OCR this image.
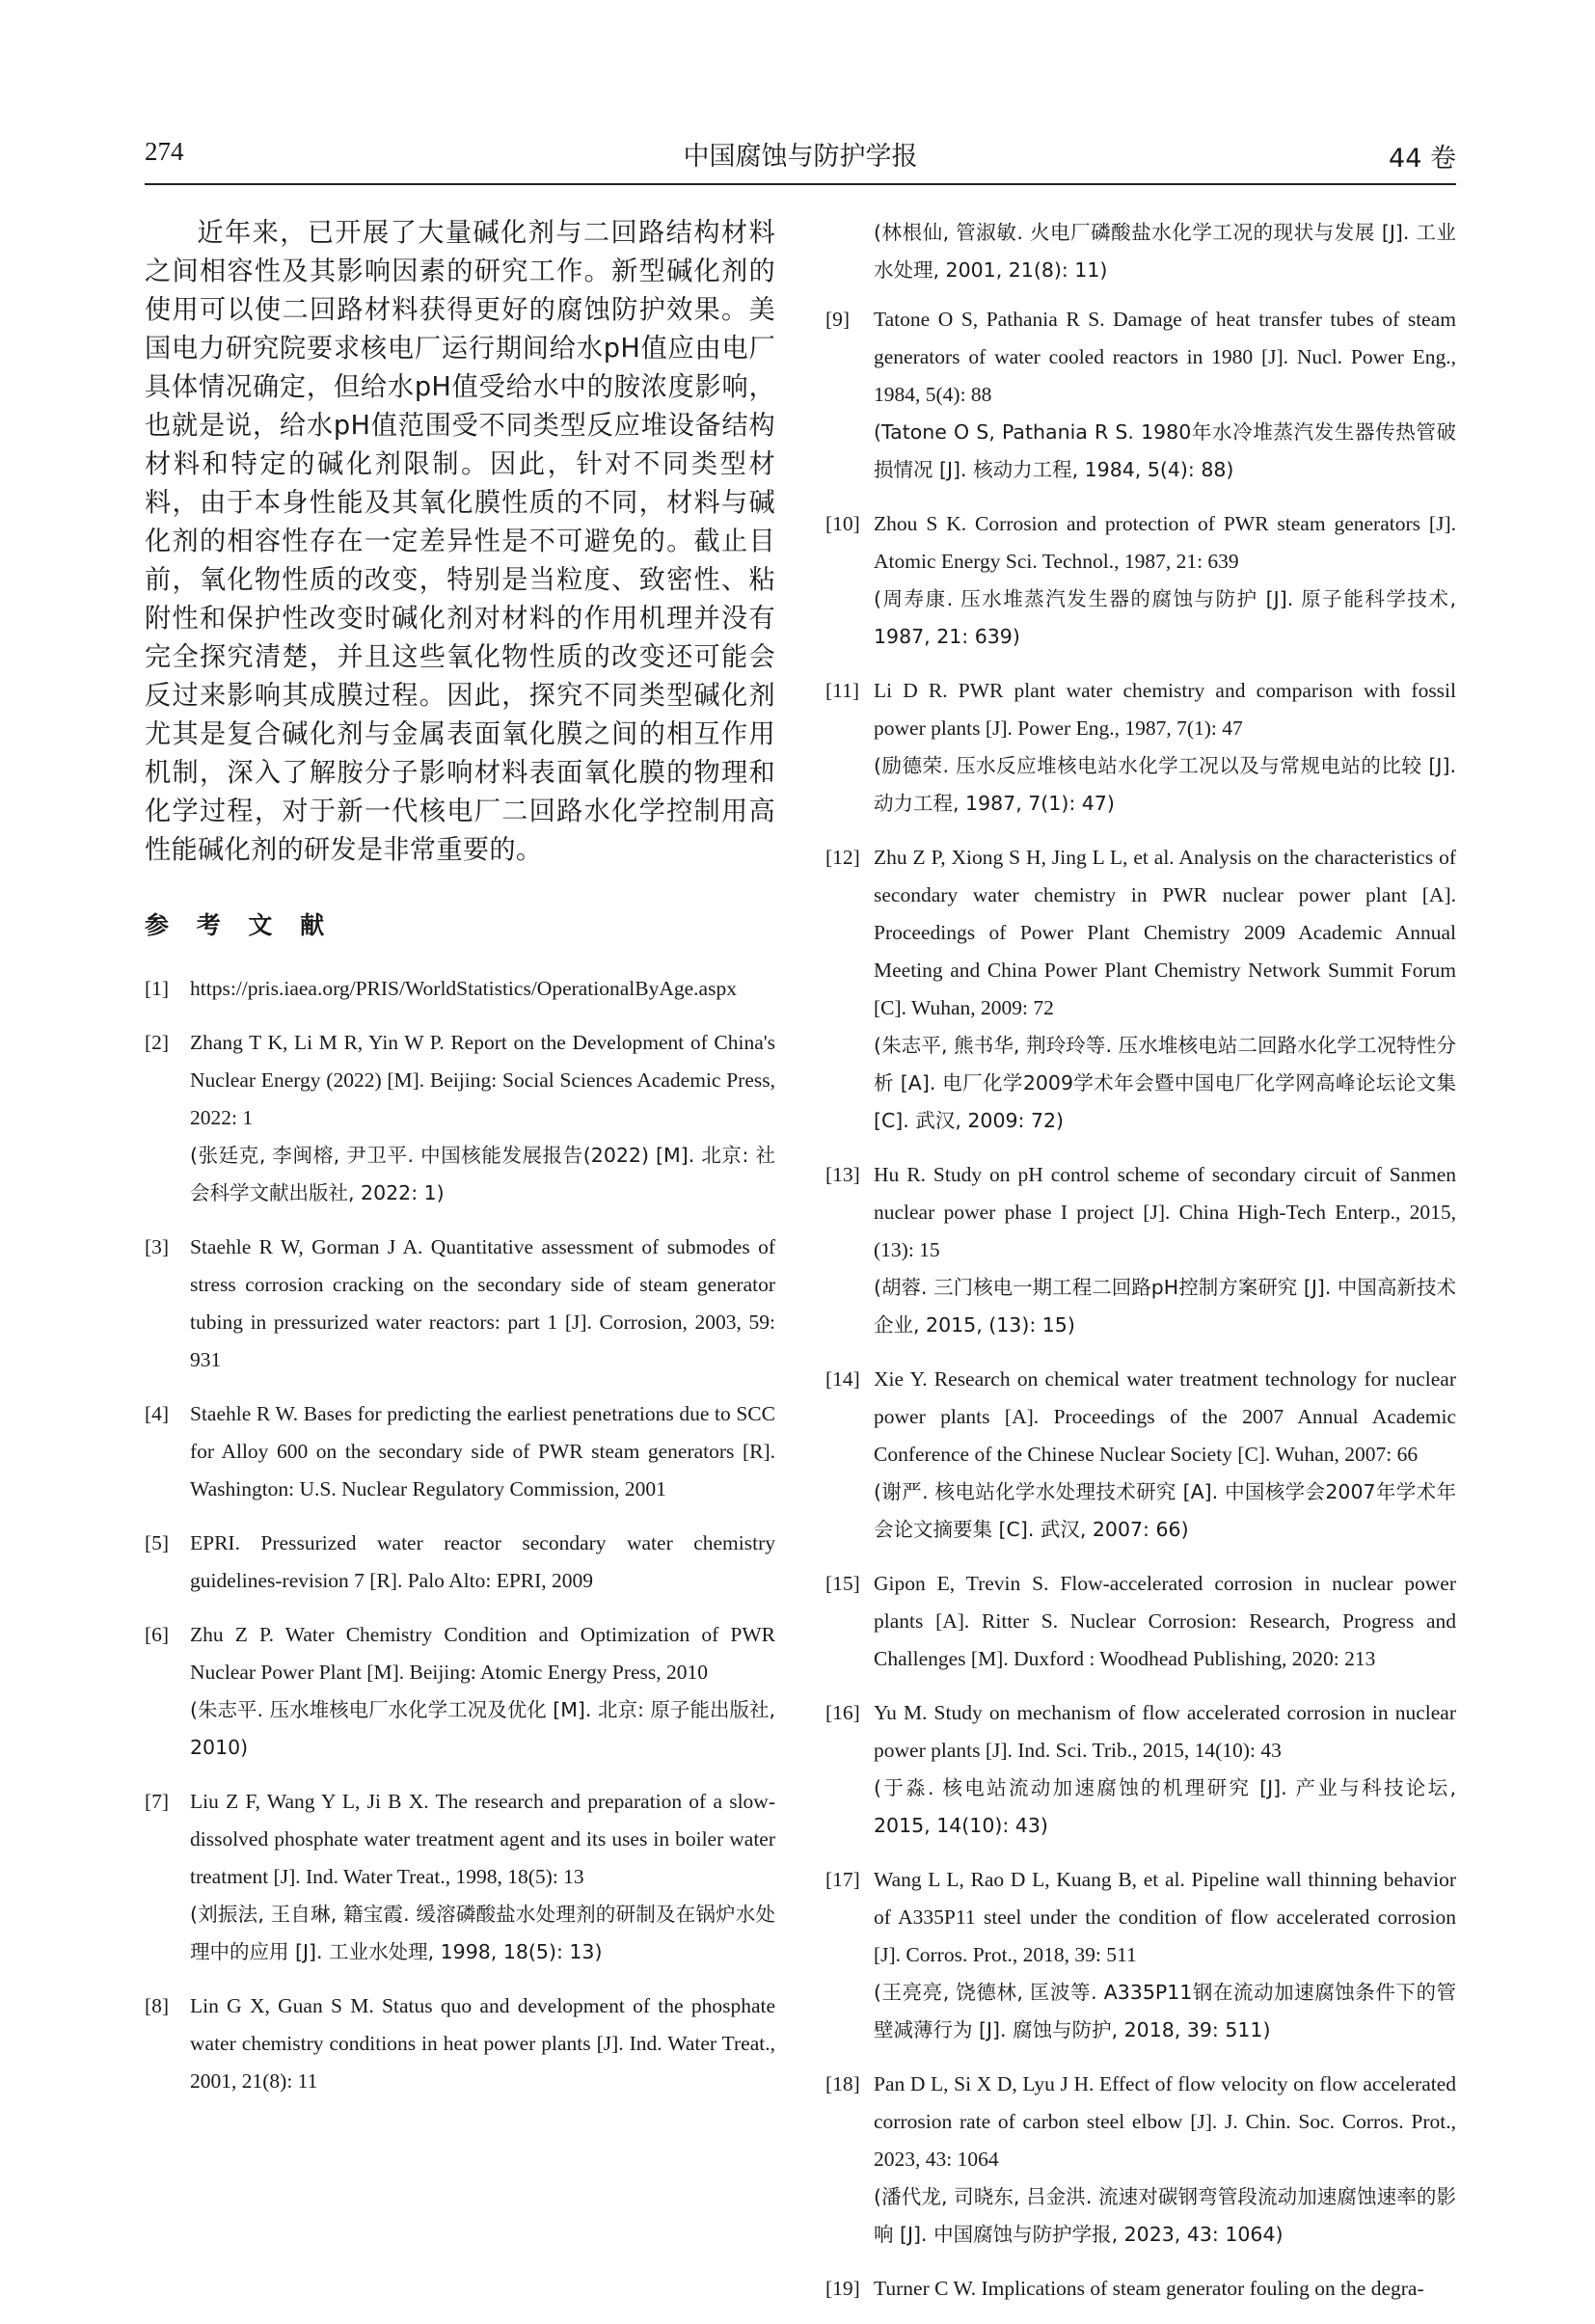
274	中国腐蚀与防护学报	44 卷

近年来，已开展了大量碱化剂与二回路结构材料之间相容性及其影响因素的研究工作。新型碱化剂的使用可以使二回路材料获得更好的腐蚀防护效果。美国电力研究院要求核电厂运行期间给水pH值应由电厂具体情况确定，但给水pH值受给水中的胺浓度影响，也就是说，给水pH值范围受不同类型反应堆设备结构材料和特定的碱化剂限制。因此，针对不同类型材料，由于本身性能及其氧化膜性质的不同，材料与碱化剂的相容性存在一定差异性是不可避免的。截止目前，氧化物性质的改变，特别是当粒度、致密性、粘附性和保护性改变时碱化剂对材料的作用机理并没有完全探究清楚，并且这些氧化物性质的改变还可能会反过来影响其成膜过程。因此，探究不同类型碱化剂尤其是复合碱化剂与金属表面氧化膜之间的相互作用机制，深入了解胺分子影响材料表面氧化膜的物理和化学过程，对于新一代核电厂二回路水化学控制用高性能碱化剂的研发是非常重要的。

参 考 文 献
[1] https://pris.iaea.org/PRIS/WorldStatistics/OperationalByAge.aspx
[2] Zhang T K, Li M R, Yin W P. Report on the Development of China's Nuclear Energy (2022) [M]. Beijing: Social Sciences Academic Press, 2022: 1
(张廷克, 李闽榕, 尹卫平. 中国核能发展报告(2022) [M]. 北京: 社会科学文献出版社, 2022: 1)
[3] Staehle R W, Gorman J A. Quantitative assessment of submodes of stress corrosion cracking on the secondary side of steam generator tubing in pressurized water reactors: part 1 [J]. Corrosion, 2003, 59: 931
[4] Staehle R W. Bases for predicting the earliest penetrations due to SCC for Alloy 600 on the secondary side of PWR steam generators [R]. Washington: U.S. Nuclear Regulatory Commission, 2001
[5] EPRI. Pressurized water reactor secondary water chemistry guidelines-revision 7 [R]. Palo Alto: EPRI, 2009
[6] Zhu Z P. Water Chemistry Condition and Optimization of PWR Nuclear Power Plant [M]. Beijing: Atomic Energy Press, 2010
(朱志平. 压水堆核电厂水化学工况及优化 [M]. 北京: 原子能出版社, 2010)
[7] Liu Z F, Wang Y L, Ji B X. The research and preparation of a slow-dissolved phosphate water treatment agent and its uses in boiler water treatment [J]. Ind. Water Treat., 1998, 18(5): 13
(刘振法, 王自琳, 籍宝霞. 缓溶磷酸盐水处理剂的研制及在锅炉水处理中的应用 [J]. 工业水处理, 1998, 18(5): 13)
[8] Lin G X, Guan S M. Status quo and development of the phosphate water chemistry conditions in heat power plants [J]. Ind. Water Treat., 2001, 21(8): 11
(林根仙, 管淑敏. 火电厂磷酸盐水化学工况的现状与发展 [J]. 工业水处理, 2001, 21(8): 11)
[9] Tatone O S, Pathania R S. Damage of heat transfer tubes of steam generators of water cooled reactors in 1980 [J]. Nucl. Power Eng., 1984, 5(4): 88
(Tatone O S, Pathania R S. 1980年水冷堆蒸汽发生器传热管破损情况 [J]. 核动力工程, 1984, 5(4): 88)
[10] Zhou S K. Corrosion and protection of PWR steam generators [J]. Atomic Energy Sci. Technol., 1987, 21: 639
(周寿康. 压水堆蒸汽发生器的腐蚀与防护 [J]. 原子能科学技术, 1987, 21: 639)
[11] Li D R. PWR plant water chemistry and comparison with fossil power plants [J]. Power Eng., 1987, 7(1): 47
(励德荣. 压水反应堆核电站水化学工况以及与常规电站的比较 [J]. 动力工程, 1987, 7(1): 47)
[12] Zhu Z P, Xiong S H, Jing L L, et al. Analysis on the characteristics of secondary water chemistry in PWR nuclear power plant [A]. Proceedings of Power Plant Chemistry 2009 Academic Annual Meeting and China Power Plant Chemistry Network Summit Forum [C]. Wuhan, 2009: 72
(朱志平, 熊书华, 荆玲玲等. 压水堆核电站二回路水化学工况特性分析 [A]. 电厂化学2009学术年会暨中国电厂化学网高峰论坛论文集 [C]. 武汉, 2009: 72)
[13] Hu R. Study on pH control scheme of secondary circuit of Sanmen nuclear power phase I project [J]. China High-Tech Enterp., 2015, (13): 15
(胡蓉. 三门核电一期工程二回路pH控制方案研究 [J]. 中国高新技术企业, 2015, (13): 15)
[14] Xie Y. Research on chemical water treatment technology for nuclear power plants [A]. Proceedings of the 2007 Annual Academic Conference of the Chinese Nuclear Society [C]. Wuhan, 2007: 66
(谢严. 核电站化学水处理技术研究 [A]. 中国核学会2007年学术年会论文摘要集 [C]. 武汉, 2007: 66)
[15] Gipon E, Trevin S. Flow-accelerated corrosion in nuclear power plants [A]. Ritter S. Nuclear Corrosion: Research, Progress and Challenges [M]. Duxford : Woodhead Publishing, 2020: 213
[16] Yu M. Study on mechanism of flow accelerated corrosion in nuclear power plants [J]. Ind. Sci. Trib., 2015, 14(10): 43
(于淼. 核电站流动加速腐蚀的机理研究 [J]. 产业与科技论坛, 2015, 14(10): 43)
[17] Wang L L, Rao D L, Kuang B, et al. Pipeline wall thinning behavior of A335P11 steel under the condition of flow accelerated corrosion [J]. Corros. Prot., 2018, 39: 511
(王亮亮, 饶德林, 匡波等. A335P11钢在流动加速腐蚀条件下的管壁减薄行为 [J]. 腐蚀与防护, 2018, 39: 511)
[18] Pan D L, Si X D, Lyu J H. Effect of flow velocity on flow accelerated corrosion rate of carbon steel elbow [J]. J. Chin. Soc. Corros. Prot., 2023, 43: 1064
(潘代龙, 司晓东, 吕金洪. 流速对碳钢弯管段流动加速腐蚀速率的影响 [J]. 中国腐蚀与防护学报, 2023, 43: 1064)
[19] Turner C W. Implications of steam generator fouling on the degra-
